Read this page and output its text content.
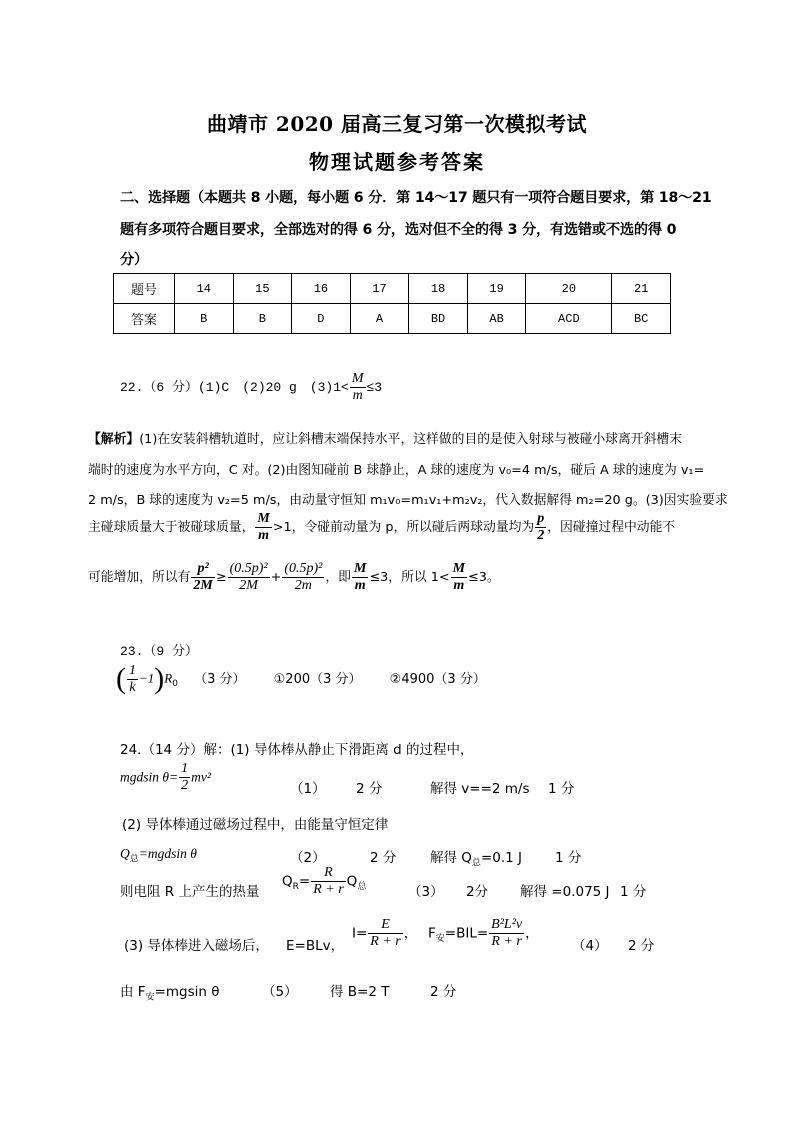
曲靖市 2020 届高三复习第一次模拟考试
物理试题参考答案
二、选择题（本题共 8 小题，每小题 6 分．第 14～17 题只有一项符合题目要求，第 18～21
题有多项符合题目要求，全部选对的得 6 分，选对但不全的得 3 分，有选错或不选的得 0
分）
题号	14	15	16	17	18	19	20	21
答案	B	B	D	A	BD	AB	ACD	BC
22.（6 分）(1)C　(2)20 g　$(3)1< \frac{M}{m} \le 3$
【解析】(1)在安装斜槽轨道时，应让斜槽末端保持水平，这样做的目的是使入射球与被碰小球离开斜槽末
端时的速度为水平方向，C 对。(2)由图知碰前 B 球静止，A 球的速度为 v₀=4 m/s，碰后 A 球的速度为 v₁=
2 m/s，B 球的速度为 v₂=5 m/s，由动量守恒知 m₁v₀=m₁v₁+m₂v₂，代入数据解得 m₂=20 g。(3)因实验要求
主碰球质量大于被碰球质量， $\frac{M}{m} >1$，令碰前动量为 p，所以碰后两球动量均为 $\frac{p}{2}$ ，因碰撞过程中动能不
可能增加，所以有 $\frac{\text{p²}}{2M} \ge \frac{\text{(0.5p)²}}{2M} + \frac{\text{(0.5p)²}}{2m}$ ，即 $\frac{M}{m} \le 3$，所以 $1< \frac{M}{m} \le 3$。
23.（9 分）
( $\frac{1}{k} -1)R_0$ （3 分） ①200（3 分） ②4900（3 分）
24.（14 分）解：(1) 导体棒从静止下滑距离 d 的过程中，
mgdsin $\theta= \frac{1}{2} mv^2$
（1） 2 分	解得 v==2 m/s 1 分
(2) 导体棒通过磁场过程中，由能量守恒定律
$Q_总=mgdsin$ θ	（2）	2 分 解得 $Q_总=0.1$ J 1 分
则电阻 R 上产生的热量
$Q_R= \frac{R}{R + r} Q_总$	（3） 2分 解得 =0.075 J 1 分
(3) 导体棒进入磁场后， E=BLv，
$I= \frac{E}{R + r}$ ， $F_安=BIL= \frac{\text{B²L²v}}{R + r}$ ，
（4） 2 分
由 $F_安=mgsin$ θ	（5） 得 B=2 T	2 分
